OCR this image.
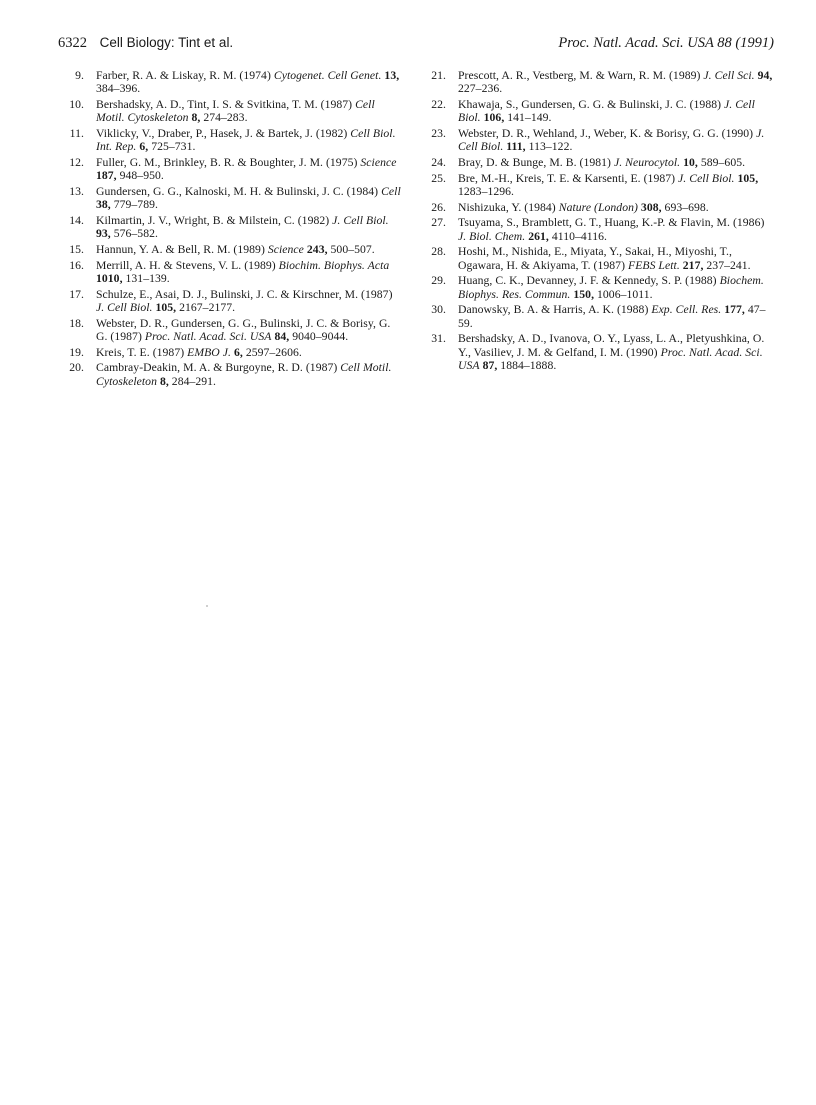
6322 Cell Biology: Tint et al.	Proc. Natl. Acad. Sci. USA 88 (1991)
9. Farber, R. A. & Liskay, R. M. (1974) Cytogenet. Cell Genet. 13, 384–396.
10. Bershadsky, A. D., Tint, I. S. & Svitkina, T. M. (1987) Cell Motil. Cytoskeleton 8, 274–283.
11. Viklicky, V., Draber, P., Hasek, J. & Bartek, J. (1982) Cell Biol. Int. Rep. 6, 725–731.
12. Fuller, G. M., Brinkley, B. R. & Boughter, J. M. (1975) Science 187, 948–950.
13. Gundersen, G. G., Kalnoski, M. H. & Bulinski, J. C. (1984) Cell 38, 779–789.
14. Kilmartin, J. V., Wright, B. & Milstein, C. (1982) J. Cell Biol. 93, 576–582.
15. Hannun, Y. A. & Bell, R. M. (1989) Science 243, 500–507.
16. Merrill, A. H. & Stevens, V. L. (1989) Biochim. Biophys. Acta 1010, 131–139.
17. Schulze, E., Asai, D. J., Bulinski, J. C. & Kirschner, M. (1987) J. Cell Biol. 105, 2167–2177.
18. Webster, D. R., Gundersen, G. G., Bulinski, J. C. & Borisy, G. G. (1987) Proc. Natl. Acad. Sci. USA 84, 9040–9044.
19. Kreis, T. E. (1987) EMBO J. 6, 2597–2606.
20. Cambray-Deakin, M. A. & Burgoyne, R. D. (1987) Cell Motil. Cytoskeleton 8, 284–291.
21. Prescott, A. R., Vestberg, M. & Warn, R. M. (1989) J. Cell Sci. 94, 227–236.
22. Khawaja, S., Gundersen, G. G. & Bulinski, J. C. (1988) J. Cell Biol. 106, 141–149.
23. Webster, D. R., Wehland, J., Weber, K. & Borisy, G. G. (1990) J. Cell Biol. 111, 113–122.
24. Bray, D. & Bunge, M. B. (1981) J. Neurocytol. 10, 589–605.
25. Bre, M.-H., Kreis, T. E. & Karsenti, E. (1987) J. Cell Biol. 105, 1283–1296.
26. Nishizuka, Y. (1984) Nature (London) 308, 693–698.
27. Tsuyama, S., Bramblett, G. T., Huang, K.-P. & Flavin, M. (1986) J. Biol. Chem. 261, 4110–4116.
28. Hoshi, M., Nishida, E., Miyata, Y., Sakai, H., Miyoshi, T., Ogawara, H. & Akiyama, T. (1987) FEBS Lett. 217, 237–241.
29. Huang, C. K., Devanney, J. F. & Kennedy, S. P. (1988) Biochem. Biophys. Res. Commun. 150, 1006–1011.
30. Danowsky, B. A. & Harris, A. K. (1988) Exp. Cell. Res. 177, 47–59.
31. Bershadsky, A. D., Ivanova, O. Y., Lyass, L. A., Pletyushkina, O. Y., Vasiliev, J. M. & Gelfand, I. M. (1990) Proc. Natl. Acad. Sci. USA 87, 1884–1888.
